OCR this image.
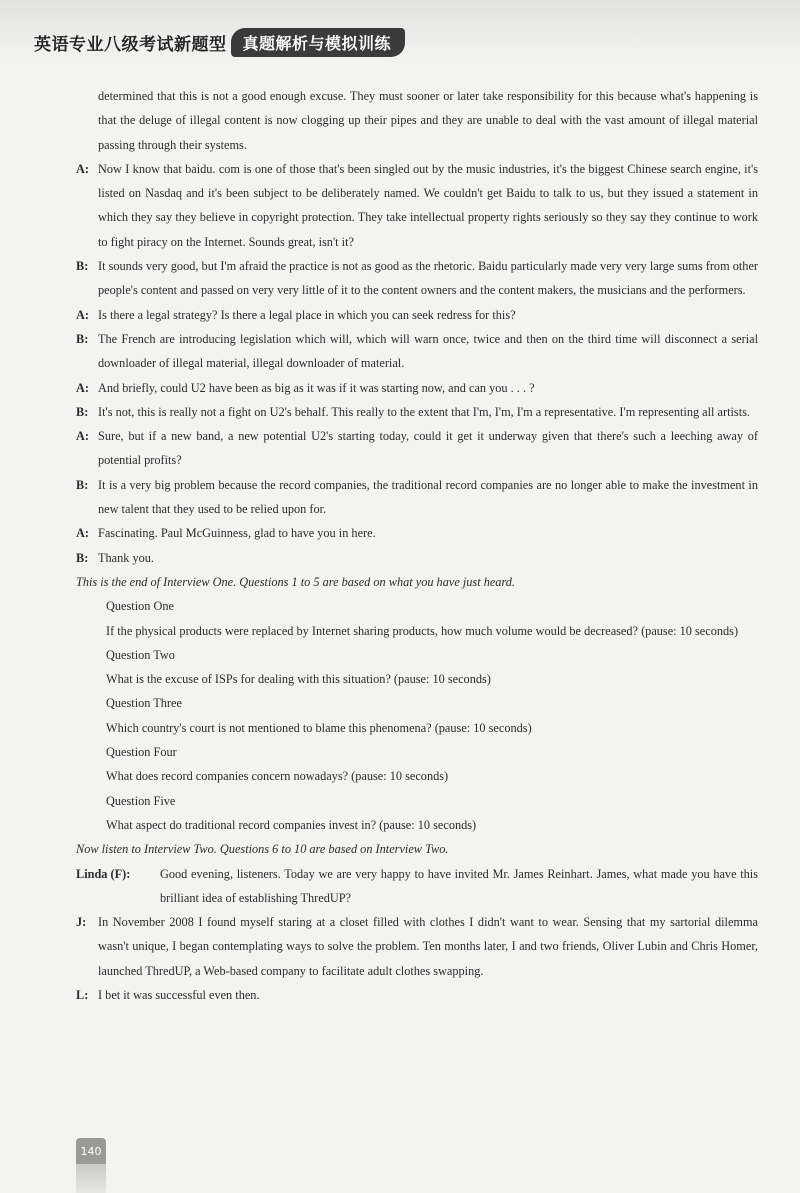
英语专业八级考试新题型	真题解析与模拟训练
determined that this is not a good enough excuse. They must sooner or later take responsibility for this because what's happening is that the deluge of illegal content is now clogging up their pipes and they are unable to deal with the vast amount of illegal material passing through their systems.
A: Now I know that baidu. com is one of those that's been singled out by the music industries, it's the biggest Chinese search engine, it's listed on Nasdaq and it's been subject to be deliberately named. We couldn't get Baidu to talk to us, but they issued a statement in which they say they believe in copyright protection. They take intellectual property rights seriously so they say they continue to work to fight piracy on the Internet. Sounds great, isn't it?
B: It sounds very good, but I'm afraid the practice is not as good as the rhetoric. Baidu particularly made very very large sums from other people's content and passed on very very little of it to the content owners and the content makers, the musicians and the performers.
A: Is there a legal strategy? Is there a legal place in which you can seek redress for this?
B: The French are introducing legislation which will, which will warn once, twice and then on the third time will disconnect a serial downloader of illegal material, illegal downloader of material.
A: And briefly, could U2 have been as big as it was if it was starting now, and can you . . . ?
B: It's not, this is really not a fight on U2's behalf. This really to the extent that I'm, I'm, I'm a representative. I'm representing all artists.
A: Sure, but if a new band, a new potential U2's starting today, could it get it underway given that there's such a leeching away of potential profits?
B: It is a very big problem because the record companies, the traditional record companies are no longer able to make the investment in new talent that they used to be relied upon for.
A: Fascinating. Paul McGuinness, glad to have you in here.
B: Thank you.
This is the end of Interview One. Questions 1 to 5 are based on what you have just heard.
Question One
If the physical products were replaced by Internet sharing products, how much volume would be decreased? (pause: 10 seconds)
Question Two
What is the excuse of ISPs for dealing with this situation? (pause: 10 seconds)
Question Three
Which country's court is not mentioned to blame this phenomena? (pause: 10 seconds)
Question Four
What does record companies concern nowadays? (pause: 10 seconds)
Question Five
What aspect do traditional record companies invest in? (pause: 10 seconds)
Now listen to Interview Two. Questions 6 to 10 are based on Interview Two.
Linda (F): Good evening, listeners. Today we are very happy to have invited Mr. James Reinhart. James, what made you have this brilliant idea of establishing ThredUP?
J: In November 2008 I found myself staring at a closet filled with clothes I didn't want to wear. Sensing that my sartorial dilemma wasn't unique, I began contemplating ways to solve the problem. Ten months later, I and two friends, Oliver Lubin and Chris Homer, launched ThredUP, a Web-based company to facilitate adult clothes swapping.
L: I bet it was successful even then.
140
